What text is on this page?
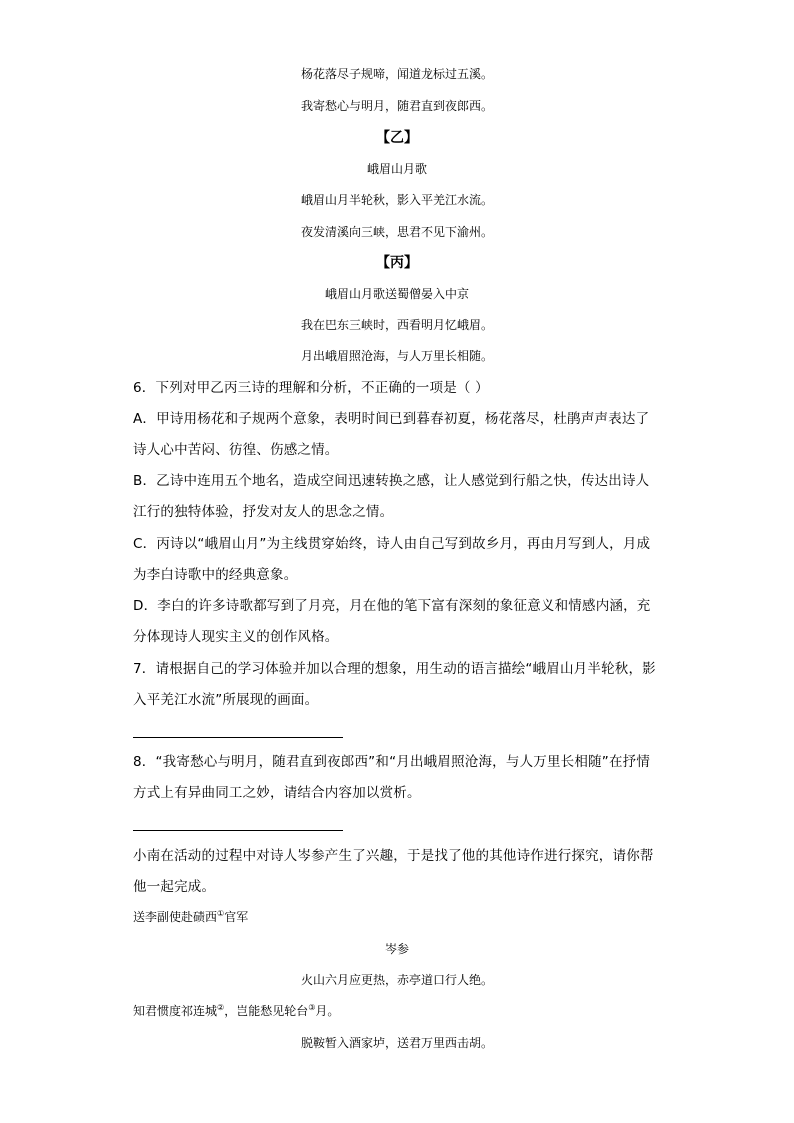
杨花落尽子规啼，闻道龙标过五溪。
我寄愁心与明月，随君直到夜郎西。
【乙】
峨眉山月歌
峨眉山月半轮秋，影入平羌江水流。
夜发清溪向三峡，思君不见下渝州。
【丙】
峨眉山月歌送蜀僧晏入中京
我在巴东三峡时，西看明月忆峨眉。
月出峨眉照沧海，与人万里长相随。
6．下列对甲乙丙三诗的理解和分析，不正确的一项是（ ）
A．甲诗用杨花和子规两个意象，表明时间已到暮春初夏，杨花落尽，杜鹃声声表达了
诗人心中苦闷、彷徨、伤感之情。
B．乙诗中连用五个地名，造成空间迅速转换之感，让人感觉到行船之快，传达出诗人
江行的独特体验，抒发对友人的思念之情。
C．丙诗以“峨眉山月”为主线贯穿始终，诗人由自己写到故乡月，再由月写到人，月成
为李白诗歌中的经典意象。
D．李白的许多诗歌都写到了月亮，月在他的笔下富有深刻的象征意义和情感内涵，充
分体现诗人现实主义的创作风格。
7．请根据自己的学习体验并加以合理的想象，用生动的语言描绘“峨眉山月半轮秋，影
入平羌江水流”所展现的画面。
8．“我寄愁心与明月，随君直到夜郎西”和“月出峨眉照沧海，与人万里长相随”在抒情
方式上有异曲同工之妙，请结合内容加以赏析。
小南在活动的过程中对诗人岑参产生了兴趣，于是找了他的其他诗作进行探究，请你帮
他一起完成。
送李副使赴碛西①官军
岑参
火山六月应更热，赤亭道口行人绝。
知君惯度祁连城②，岂能愁见轮台③月。
脱鞍暂入酒家垆，送君万里西击胡。
